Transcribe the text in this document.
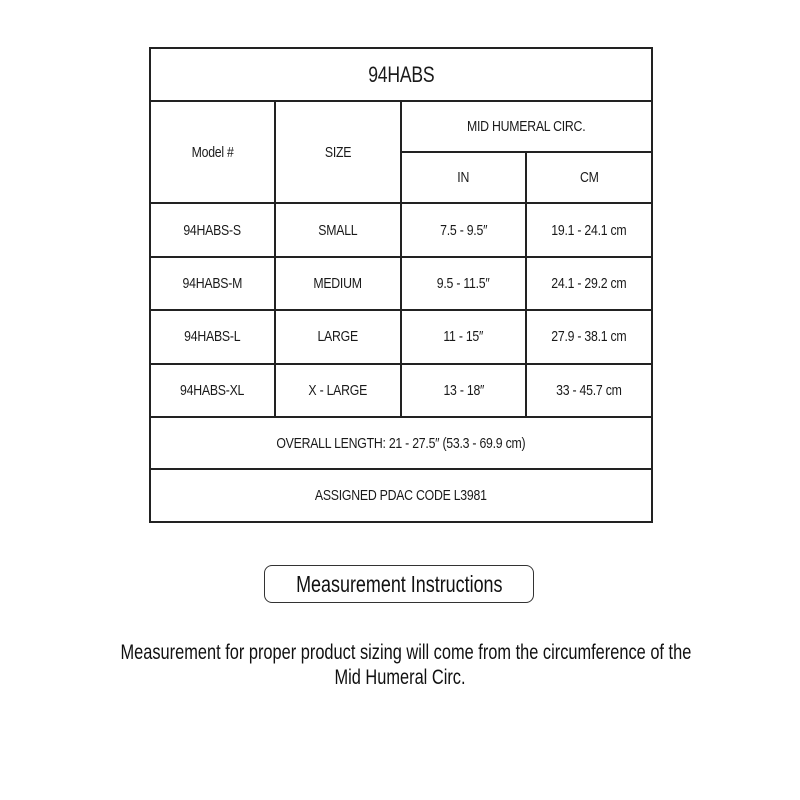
94HABS			
Model #	SIZE	MID HUMERAL CIRC.	
		IN	CM
94HABS-S	SMALL	7.5 - 9.5″	19.1 - 24.1 cm
94HABS-M	MEDIUM	9.5 - 11.5″	24.1 - 29.2 cm
94HABS-L	LARGE	11 - 15″	27.9 - 38.1 cm
94HABS-XL	X - LARGE	13 - 18″	33 - 45.7 cm
OVERALL LENGTH: 21 - 27.5″ (53.3 - 69.9 cm)			
ASSIGNED PDAC CODE L3981			
Measurement Instructions
Measurement for proper product sizing will come from the circumference of the
Mid Humeral Circ.
